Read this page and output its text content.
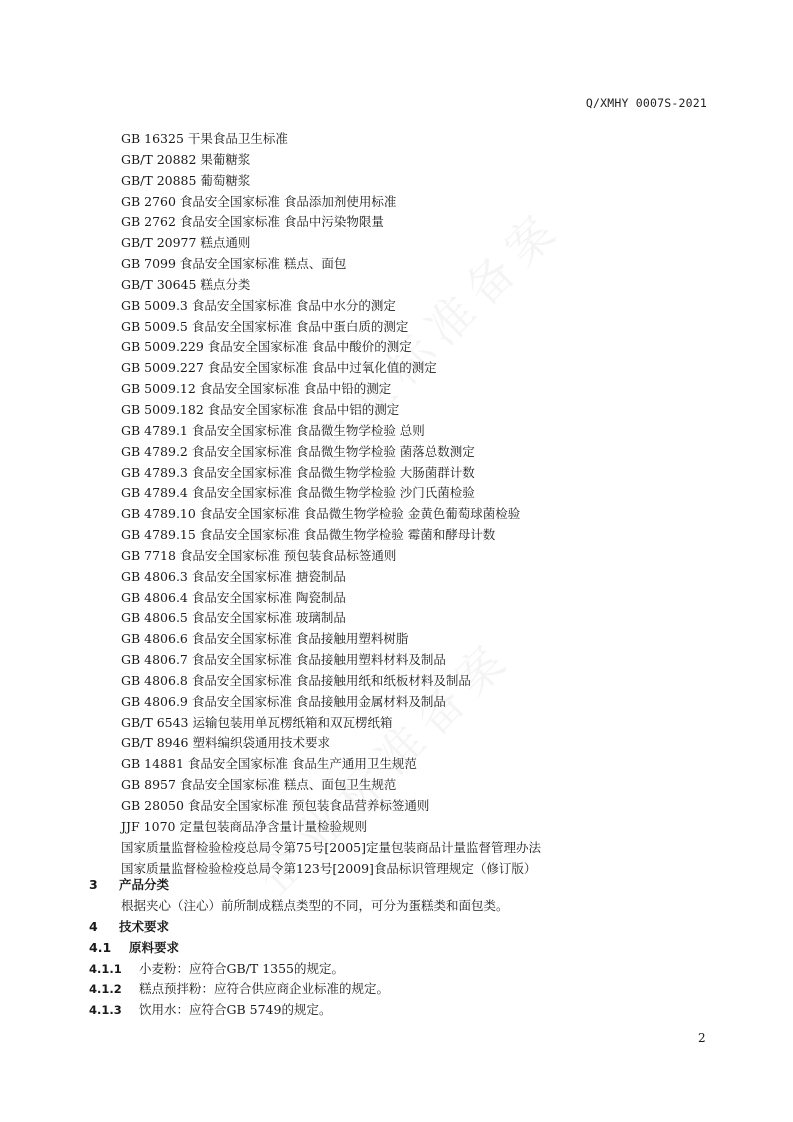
Q/XMHY 0007S-2021
GB 16325 干果食品卫生标准
GB/T 20882 果葡糖浆
GB/T 20885 葡萄糖浆
GB 2760 食品安全国家标准 食品添加剂使用标准
GB 2762 食品安全国家标准 食品中污染物限量
GB/T 20977 糕点通则
GB 7099 食品安全国家标准 糕点、面包
GB/T 30645 糕点分类
GB 5009.3 食品安全国家标准 食品中水分的测定
GB 5009.5 食品安全国家标准 食品中蛋白质的测定
GB 5009.229 食品安全国家标准 食品中酸价的测定
GB 5009.227 食品安全国家标准 食品中过氧化值的测定
GB 5009.12 食品安全国家标准 食品中铅的测定
GB 5009.182 食品安全国家标准 食品中铝的测定
GB 4789.1 食品安全国家标准 食品微生物学检验 总则
GB 4789.2 食品安全国家标准 食品微生物学检验 菌落总数测定
GB 4789.3 食品安全国家标准 食品微生物学检验 大肠菌群计数
GB 4789.4 食品安全国家标准 食品微生物学检验 沙门氏菌检验
GB 4789.10 食品安全国家标准 食品微生物学检验 金黄色葡萄球菌检验
GB 4789.15 食品安全国家标准 食品微生物学检验 霉菌和酵母计数
GB 7718 食品安全国家标准 预包装食品标签通则
GB 4806.3 食品安全国家标准 搪瓷制品
GB 4806.4 食品安全国家标准 陶瓷制品
GB 4806.5 食品安全国家标准 玻璃制品
GB 4806.6 食品安全国家标准 食品接触用塑料树脂
GB 4806.7 食品安全国家标准 食品接触用塑料材料及制品
GB 4806.8 食品安全国家标准 食品接触用纸和纸板材料及制品
GB 4806.9 食品安全国家标准 食品接触用金属材料及制品
GB/T 6543 运输包装用单瓦楞纸箱和双瓦楞纸箱
GB/T 8946 塑料编织袋通用技术要求
GB 14881 食品安全国家标准 食品生产通用卫生规范
GB 8957 食品安全国家标准 糕点、面包卫生规范
GB 28050 食品安全国家标准 预包装食品营养标签通则
JJF 1070 定量包装商品净含量计量检验规则
国家质量监督检验检疫总局令第75号[2005]定量包装商品计量监督管理办法
国家质量监督检验检疫总局令第123号[2009]食品标识管理规定（修订版）
3 产品分类
根据夹心（注心）前所制成糕点类型的不同，可分为蛋糕类和面包类。
4 技术要求
4.1 原料要求
4.1.1 小麦粉：应符合GB/T 1355的规定。
4.1.2 糕点预拌粉：应符合供应商企业标准的规定。
4.1.3 饮用水：应符合GB 5749的规定。
2
